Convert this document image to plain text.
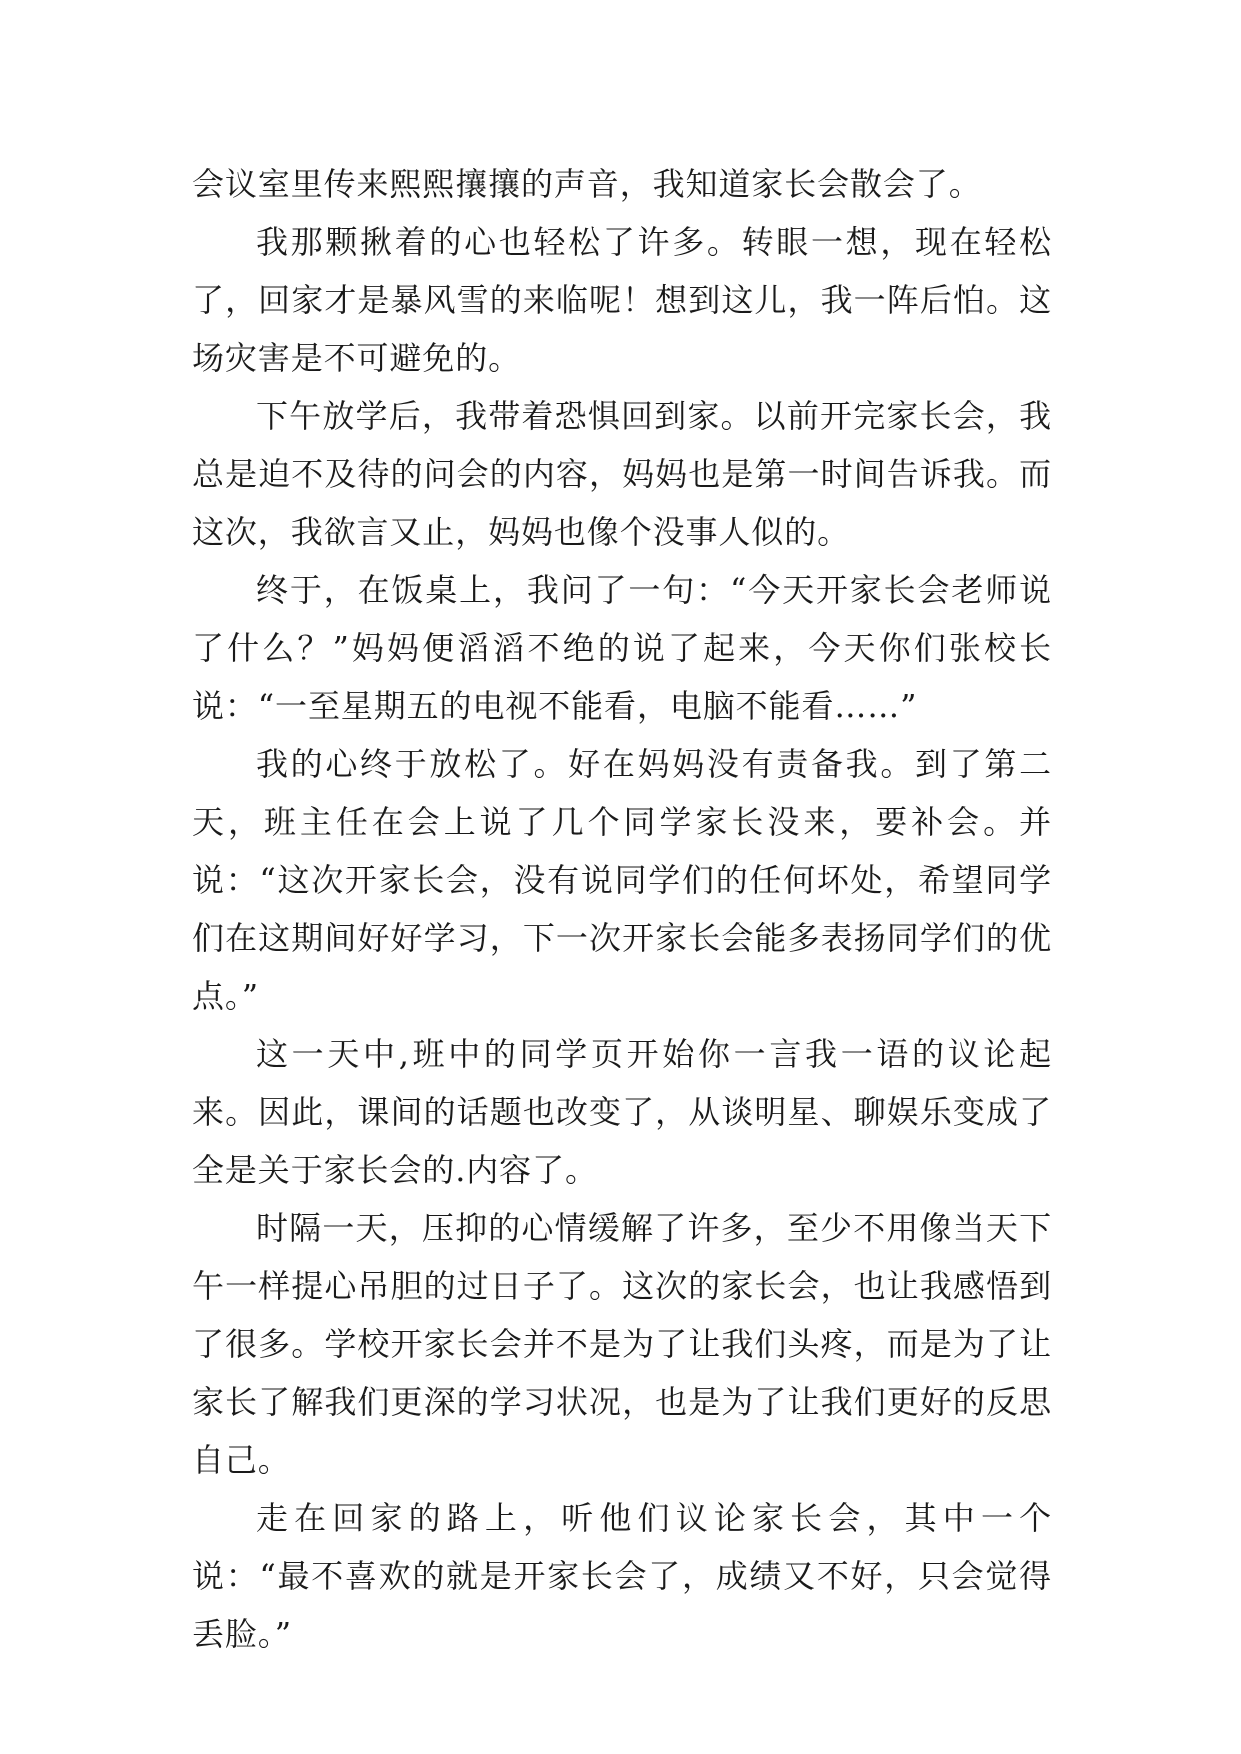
会议室里传来熙熙攘攘的声音，我知道家长会散会了。

我那颗揪着的心也轻松了许多。转眼一想，现在轻松了，回家才是暴风雪的来临呢！想到这儿，我一阵后怕。这场灾害是不可避免的。

下午放学后，我带着恐惧回到家。以前开完家长会，我总是迫不及待的问会的内容，妈妈也是第一时间告诉我。而这次，我欲言又止，妈妈也像个没事人似的。

终于，在饭桌上，我问了一句：“今天开家长会老师说了什么？”妈妈便滔滔不绝的说了起来，今天你们张校长说：“一至星期五的电视不能看，电脑不能看……”

我的心终于放松了。好在妈妈没有责备我。到了第二天，班主任在会上说了几个同学家长没来，要补会。并说：“这次开家长会，没有说同学们的任何坏处，希望同学们在这期间好好学习，下一次开家长会能多表扬同学们的优点。”

这一天中,班中的同学页开始你一言我一语的议论起来。因此，课间的话题也改变了，从谈明星、聊娱乐变成了全是关于家长会的.内容了。

时隔一天，压抑的心情缓解了许多，至少不用像当天下午一样提心吊胆的过日子了。这次的家长会，也让我感悟到了很多。学校开家长会并不是为了让我们头疼，而是为了让家长了解我们更深的学习状况，也是为了让我们更好的反思自己。

走在回家的路上，听他们议论家长会，其中一个说：“最不喜欢的就是开家长会了，成绩又不好，只会觉得丢脸。”
